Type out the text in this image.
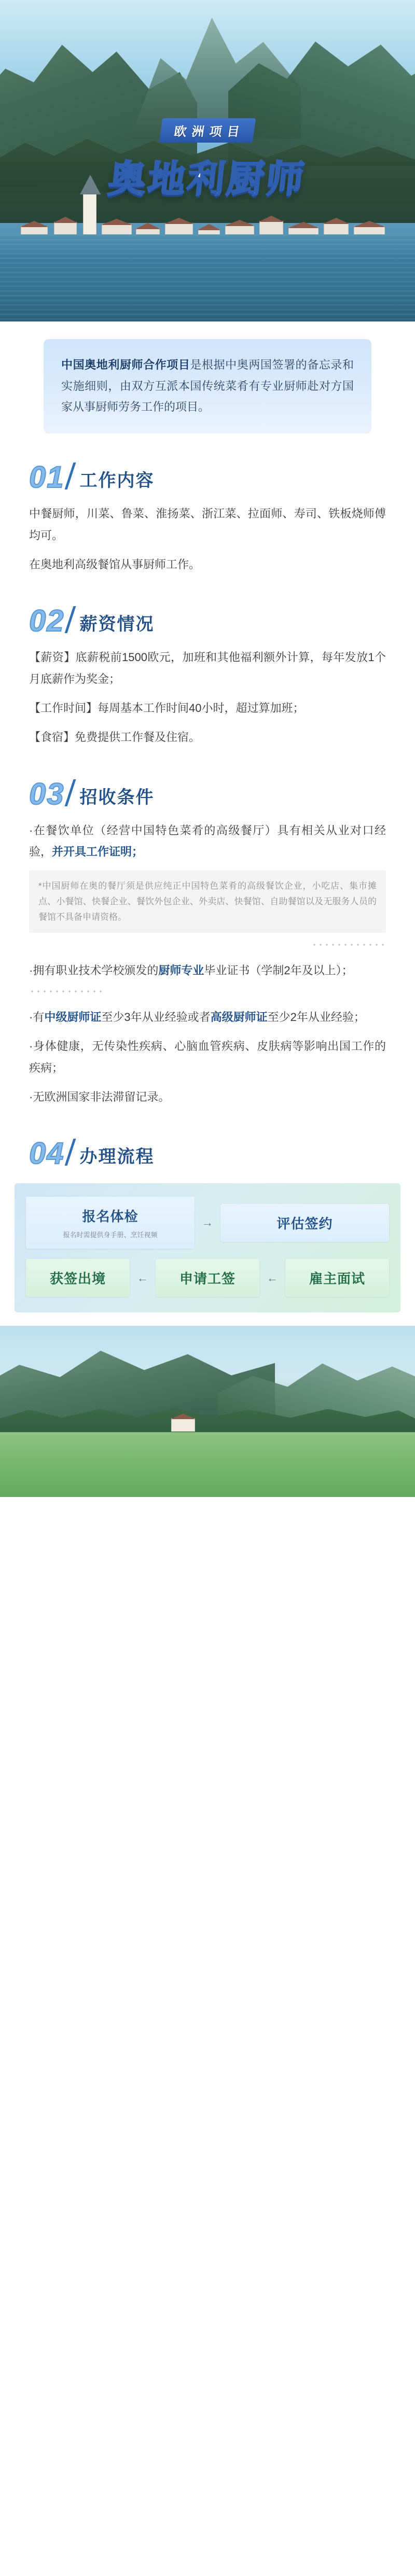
欧洲项目
奥地利厨师
中国奥地利厨师合作项目是根据中奥两国签署的备忘录和实施细则，由双方互派本国传统菜肴有专业厨师赴对方国家从事厨师劳务工作的项目。
01 工作内容

中餐厨师，川菜、鲁菜、淮扬菜、浙江菜、拉面师、寿司、铁板烧师傅均可。

在奥地利高级餐馆从事厨师工作。

02 薪资情况

【薪资】底薪税前1500欧元，加班和其他福利额外计算，每年发放1个月底薪作为奖金；

【工作时间】每周基本工作时间40小时，超过算加班；

【食宿】免费提供工作餐及住宿。

03 招收条件

·在餐饮单位（经营中国特色菜肴的高级餐厅）具有相关从业对口经验，并开具工作证明；

*中国厨师在奥的餐厅须是供应纯正中国特色菜肴的高级餐饮企业，小吃店、集市摊点、小餐馆、快餐企业、餐饮外包企业、外卖店、快餐馆、自助餐馆以及无服务人员的餐馆不具备申请资格。

·拥有职业技术学校颁发的厨师专业毕业证书（学制2年及以上）；

·有中级厨师证至少3年从业经验或者高级厨师证至少2年从业经验；

·身体健康，无传染性疾病、心脑血管疾病、皮肤病等影响出国工作的疾病；

·无欧洲国家非法滞留记录。

04 办理流程
报名体检
报名时需提供身手册、烹饪视频
→	评估签约
获签出境	←	申请工签	←	雇主面试
